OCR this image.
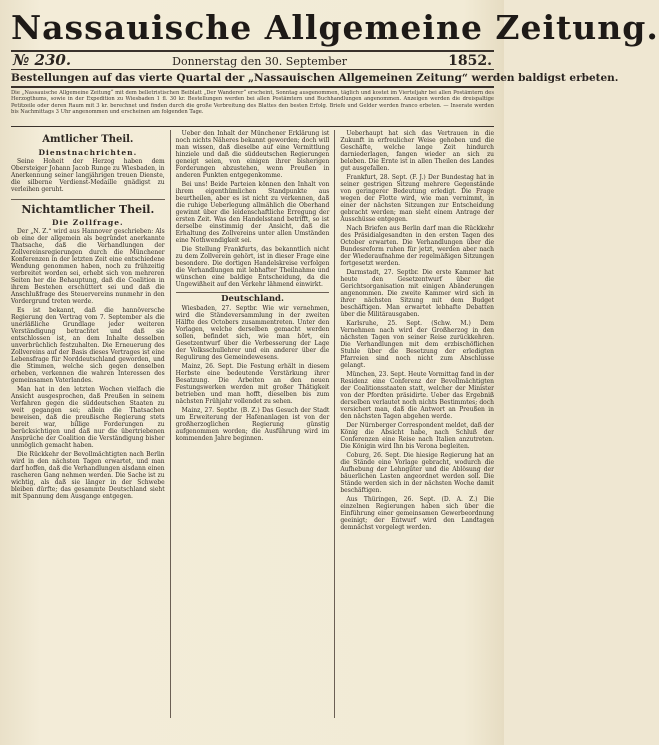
Nassauische Allgemeine Zeitung.
№ 230.	Donnerstag den 30. September	1852.
Bestellungen auf das vierte Quartal der „Nassauischen Allgemeinen Zeitung“ werden baldigst erbeten.
Die „Nassauische Allgemeine Zeitung“ mit dem belletristischen Beiblatt „Der Wanderer“ erscheint, Sonntag ausgenommen, täglich und kostet im Vierteljahr bei allen Postämtern des Herzogthums, sowie in der Expedition zu Wiesbaden 1 fl. 30 kr. Bestellungen werden bei allen Postämtern und Buchhandlungen angenommen. Anzeigen werden die dreispaltige Petitzeile oder deren Raum mit 3 kr. berechnet und finden durch die große Verbreitung des Blattes den besten Erfolg. Briefe und Gelder werden franco erbeten. — Inserate werden bis Nachmittags 3 Uhr angenommen und erscheinen am folgenden Tage.
Amtlicher Theil.
Dienstnachrichten.

Seine Hoheit der Herzog haben dem Obersteiger Johann Jacob Runge zu Wiesbaden, in Anerkennung seiner langjährigen treuen Dienste, die silberne Verdienst-Medaille gnädigst zu verleihen geruht.

Nichtamtlicher Theil.
Die Zollfrage.

Der „N. Z.“ wird aus Hannover geschrieben: Als ob eine der allgemein als begründet anerkannte Thatsache, daß die Verhandlungen der Zollvereinsregierungen durch die Münchener Konferenzen in der letzten Zeit eine entschiedene Wendung genommen haben, noch zu frühzeitig verbreitet worden sei, erhebt sich von mehreren Seiten her die Behauptung, daß die Coalition in ihrem Bestehen erschüttert sei und daß die Anschlußfrage des Steuervereins nunmehr in den Vordergrund treten werde.

Es ist bekannt, daß die hannöversche Regierung den Vertrag vom 7. September als die unerläßliche Grundlage jeder weiteren Verständigung betrachtet und daß sie entschlossen ist, an dem Inhalte desselben unverbrüchlich festzuhalten. Die Erneuerung des Zollvereins auf der Basis dieses Vertrages ist eine Lebensfrage für Norddeutschland geworden, und die Stimmen, welche sich gegen denselben erheben, verkennen die wahren Interessen des gemeinsamen Vaterlandes.

Man hat in den letzten Wochen vielfach die Ansicht ausgesprochen, daß Preußen in seinem Verfahren gegen die süddeutschen Staaten zu weit gegangen sei; allein die Thatsachen beweisen, daß die preußische Regierung stets bereit war, billige Forderungen zu berücksichtigen und daß nur die übertriebenen Ansprüche der Coalition die Verständigung bisher unmöglich gemacht haben.

Die Rückkehr der Bevollmächtigten nach Berlin wird in den nächsten Tagen erwartet, und man darf hoffen, daß die Verhandlungen alsdann einen rascheren Gang nehmen werden. Die Sache ist zu wichtig, als daß sie länger in der Schwebe bleiben dürfte; das gesammte Deutschland sieht mit Spannung dem Ausgange entgegen.

Ueber den Inhalt der Münchener Erklärung ist noch nichts Näheres bekannt geworden; doch will man wissen, daß dieselbe auf eine Vermittlung hinziele und daß die süddeutschen Regierungen geneigt seien, von einigen ihrer bisherigen Forderungen abzustehen, wenn Preußen in anderen Punkten entgegenkomme.

Bei uns! Beide Parteien können den Inhalt von ihrem eigenthümlichen Standpunkte aus beurtheilen, aber es ist nicht zu verkennen, daß die ruhige Ueberlegung allmählich die Oberhand gewinnt über die leidenschaftliche Erregung der ersten Zeit. Was den Handelsstand betrifft, so ist derselbe einstimmig der Ansicht, daß die Erhaltung des Zollvereins unter allen Umständen eine Nothwendigkeit sei.

Die Stellung Frankfurts, das bekanntlich nicht zu dem Zollverein gehört, ist in dieser Frage eine besondere. Die dortigen Handelskreise verfolgen die Verhandlungen mit lebhafter Theilnahme und wünschen eine baldige Entscheidung, da die Ungewißheit auf den Verkehr lähmend einwirkt.

Deutschland.

Wiesbaden, 27. Septbr. Wie wir vernehmen, wird die Ständeversammlung in der zweiten Hälfte des Octobers zusammentreten. Unter den Vorlagen, welche derselben gemacht werden sollen, befindet sich, wie man hört, ein Gesetzentwurf über die Verbesserung der Lage der Volksschullehrer und ein anderer über die Regulirung des Gemeindewesens.

Mainz, 26. Sept. Die Festung erhält in diesem Herbste eine bedeutende Verstärkung ihrer Besatzung. Die Arbeiten an den neuen Festungswerken werden mit großer Thätigkeit betrieben und man hofft, dieselben bis zum nächsten Frühjahr vollendet zu sehen.

Mainz, 27. Septbr. (B. Z.) Das Gesuch der Stadt um Erweiterung der Hafenanlagen ist von der großherzoglichen Regierung günstig aufgenommen worden; die Ausführung wird im kommenden Jahre beginnen.

Ueberhaupt hat sich das Vertrauen in die Zukunft in erfreulicher Weise gehoben und die Geschäfte, welche lange Zeit hindurch darniederlagen, fangen wieder an sich zu beleben. Die Ernte ist in allen Theilen des Landes gut ausgefallen.

Frankfurt, 28. Sept. (F. J.) Der Bundestag hat in seiner gestrigen Sitzung mehrere Gegenstände von geringerer Bedeutung erledigt. Die Frage wegen der Flotte wird, wie man vernimmt, in einer der nächsten Sitzungen zur Entscheidung gebracht werden; man sieht einem Antrage der Ausschüsse entgegen.

Nach Briefen aus Berlin darf man die Rückkehr des Präsidialgesandten in den ersten Tagen des October erwarten. Die Verhandlungen über die Bundesreform ruhen für jetzt, werden aber nach der Wiederaufnahme der regelmäßigen Sitzungen fortgesetzt werden.

Darmstadt, 27. Septbr. Die erste Kammer hat heute den Gesetzentwurf über die Gerichtsorganisation mit einigen Abänderungen angenommen. Die zweite Kammer wird sich in ihrer nächsten Sitzung mit dem Budget beschäftigen. Man erwartet lebhafte Debatten über die Militärausgaben.

Karlsruhe, 25. Sept. (Schw. M.) Dem Vernehmen nach wird der Großherzog in den nächsten Tagen von seiner Reise zurückkehren. Die Verhandlungen mit dem erzbischöflichen Stuhle über die Besetzung der erledigten Pfarreien sind noch nicht zum Abschlusse gelangt.

München, 23. Sept. Heute Vormittag fand in der Residenz eine Conferenz der Bevollmächtigten der Coalitionsstaaten statt, welcher der Minister von der Pfordten präsidirte. Ueber das Ergebniß derselben verlautet noch nichts Bestimmtes; doch versichert man, daß die Antwort an Preußen in den nächsten Tagen abgehen werde.

Der Nürnberger Correspondent meldet, daß der König die Absicht habe, nach Schluß der Conferenzen eine Reise nach Italien anzutreten. Die Königin wird Ihn bis Verona begleiten.

Coburg, 26. Sept. Die hiesige Regierung hat an die Stände eine Vorlage gebracht, wodurch die Aufhebung der Lehngüter und die Ablösung der bäuerlichen Lasten angeordnet werden soll. Die Stände werden sich in der nächsten Woche damit beschäftigen.

Aus Thüringen, 26. Sept. (D. A. Z.) Die einzelnen Regierungen haben sich über die Einführung einer gemeinsamen Gewerbeordnung geeinigt; der Entwurf wird den Landtagen demnächst vorgelegt werden.
